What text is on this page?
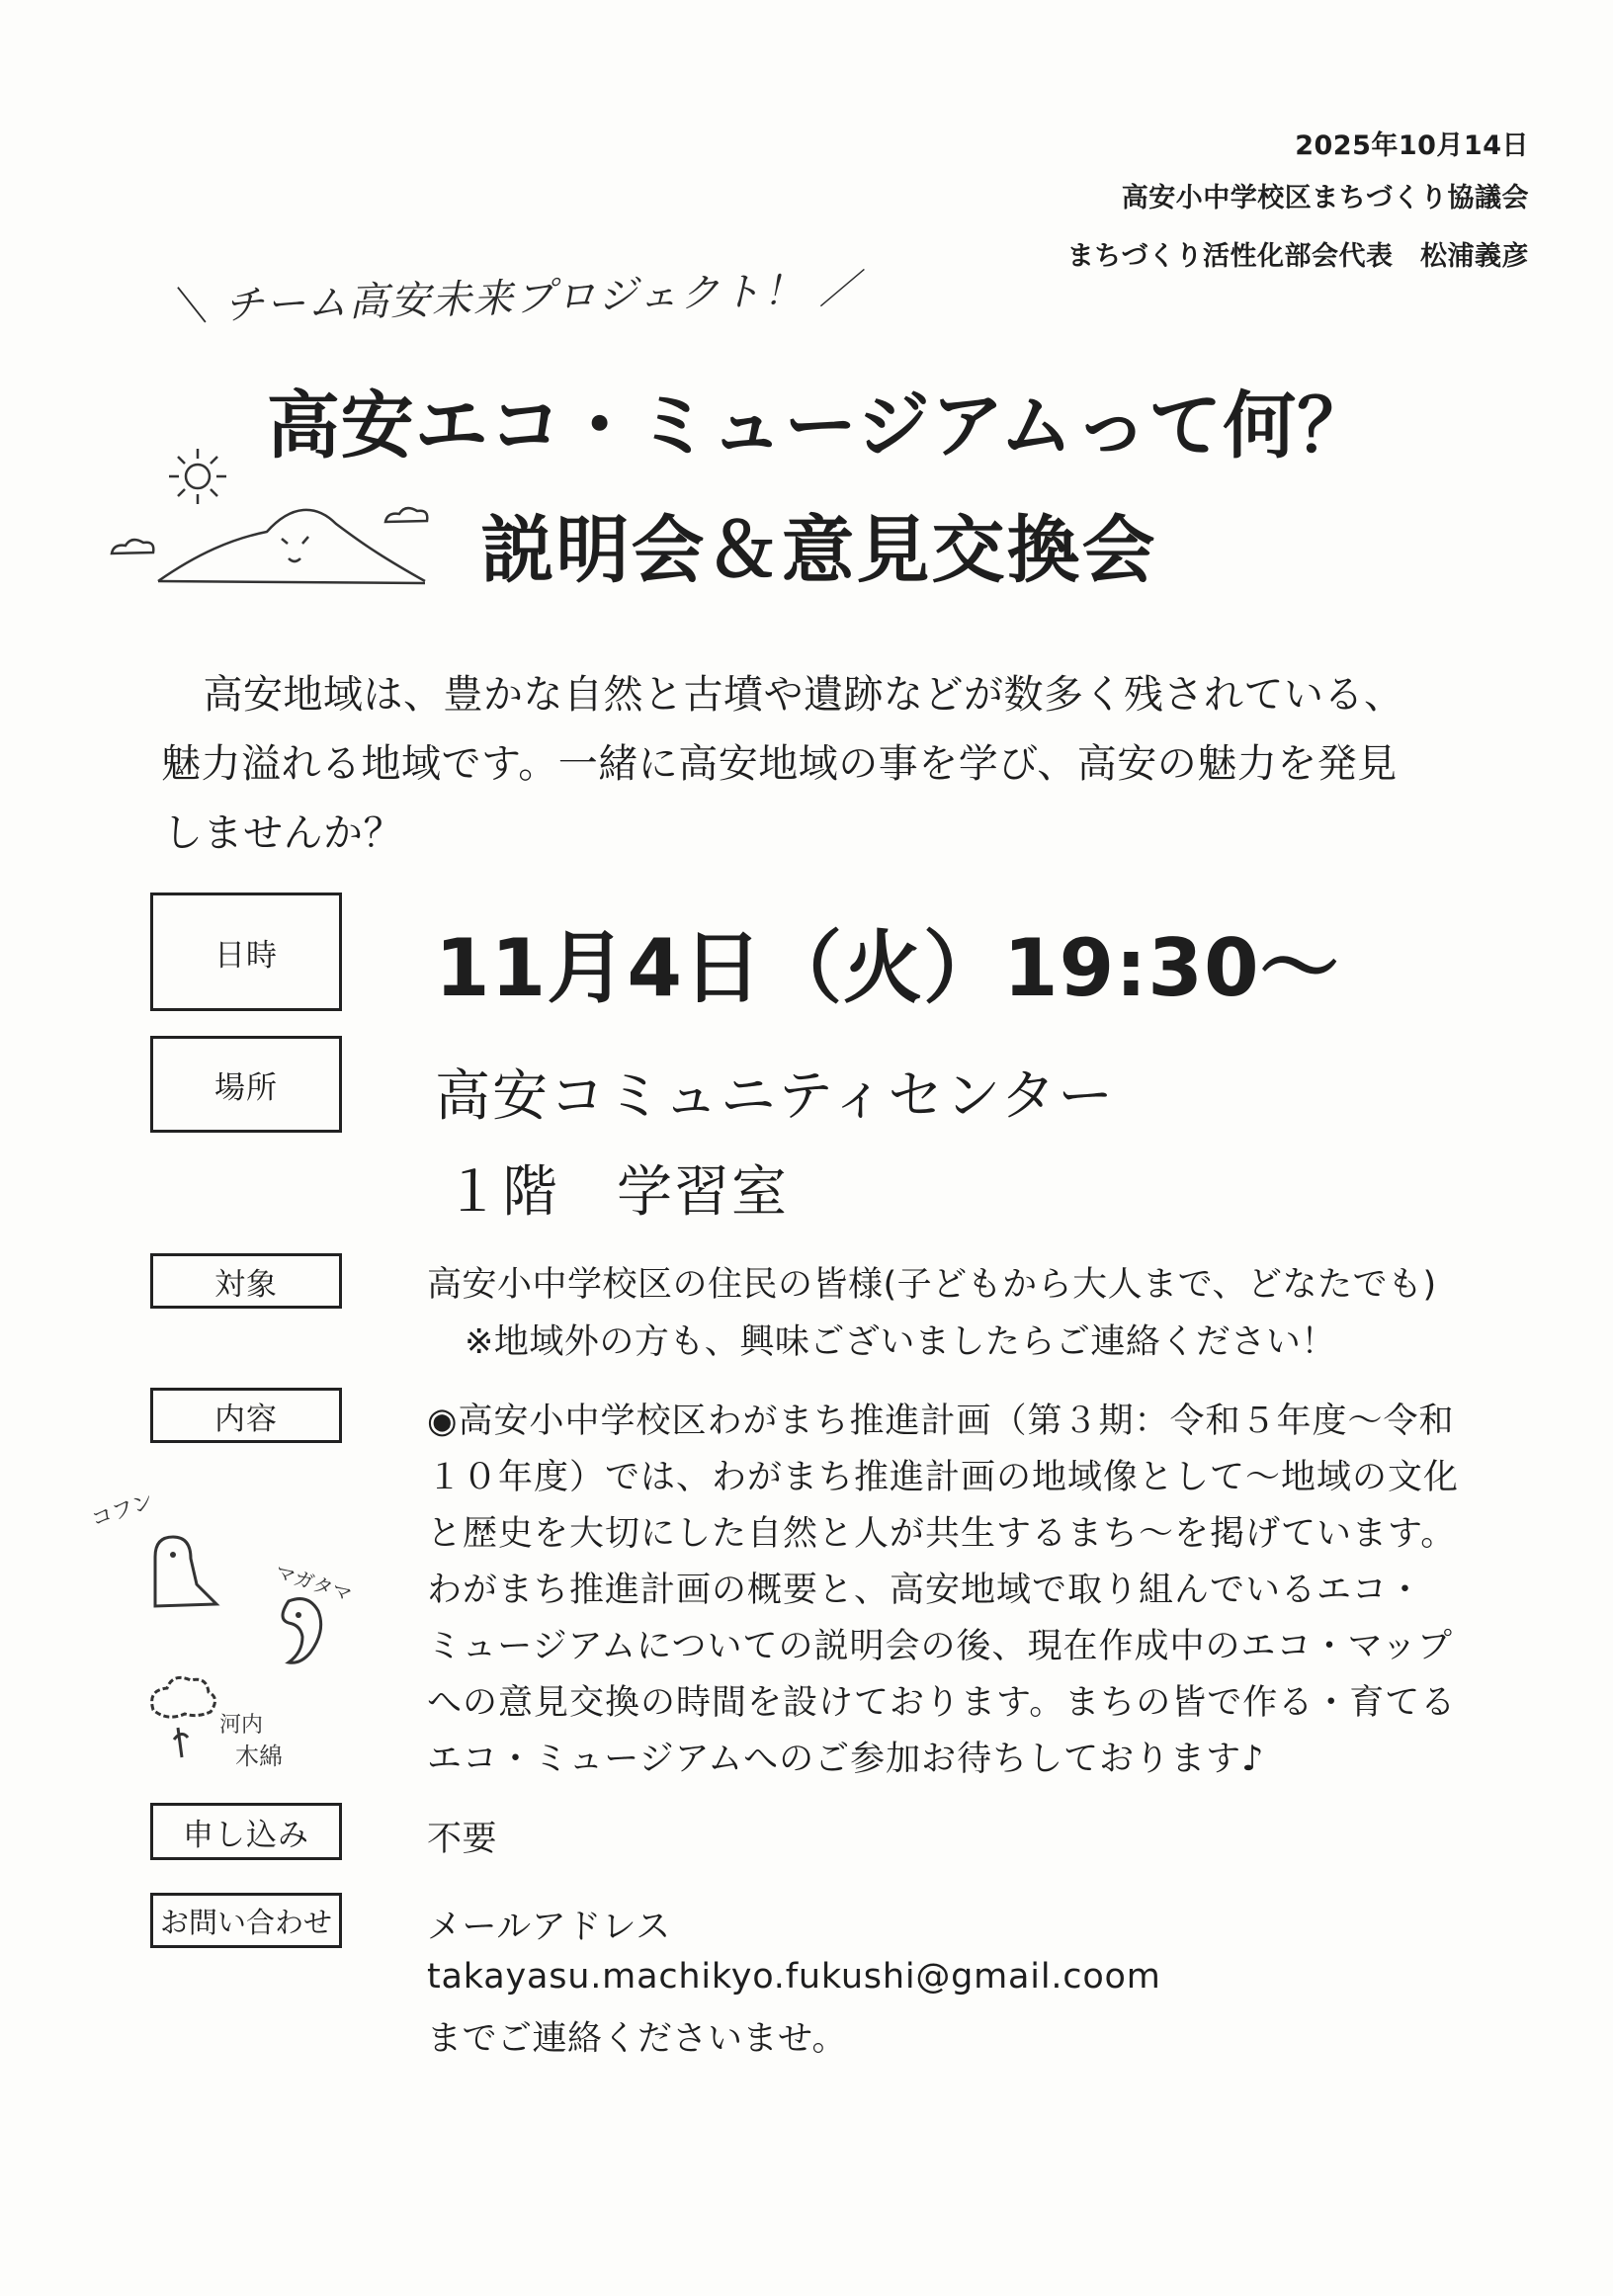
2025年10月14日
高安小中学校区まちづくり協議会
まちづくり活性化部会代表　松浦義彦
＼ チーム高安未来プロジェクト！ ／
高安エコ・ミュージアムって何？
説明会＆意見交換会

　高安地域は、豊かな自然と古墳や遺跡などが数多く残されている、

魅力溢れる地域です。一緒に高安地域の事を学び、高安の魅力を発見

しませんか？

日時	11月4日（火）19:30〜
場所	高安コミュニティセンター
１階　学習室
対象	高安小中学校区の住民の皆様(子どもから大人まで、どなたでも)
※地域外の方も、興味ございましたらご連絡ください！
内容	◉高安小中学校区わがまち推進計画（第３期：令和５年度〜令和

１０年度）では、わがまち推進計画の地域像として〜地域の文化

と歴史を大切にした自然と人が共生するまち〜を掲げています。

わがまち推進計画の概要と、高安地域で取り組んでいるエコ・

ミュージアムについての説明会の後、現在作成中のエコ・マップ

への意見交換の時間を設けております。まちの皆で作る・育てる

エコ・ミュージアムへのご参加お待ちしております♪

コフン
マガタマ
河内
木綿
申し込み	不要
お問い合わせ	メールアドレス
takayasu.machikyo.fukushi@gmail.coom
までご連絡くださいませ。
